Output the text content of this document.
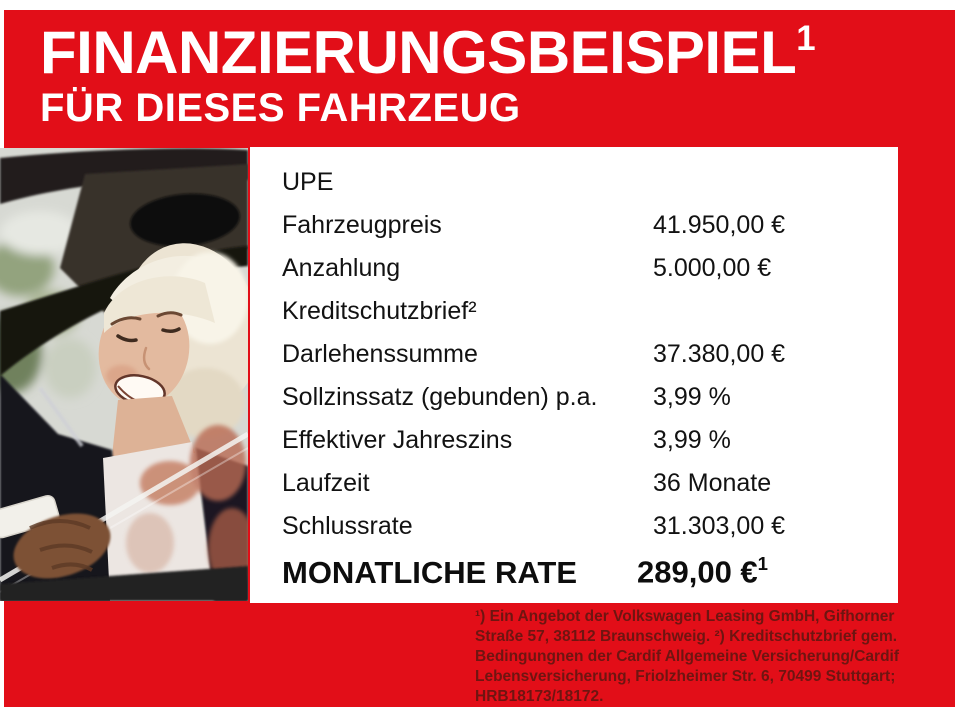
FINANZIERUNGSBEISPIEL$^1$
FÜR DIESES FAHRZEUG
UPE
Fahrzeugpreis	41.950,00 €
Anzahlung	5.000,00 €
Kreditschutzbrief²
Darlehenssumme	37.380,00 €
Sollzinssatz (gebunden) p.a.	3,99 %
Effektiver Jahreszins	3,99 %
Laufzeit	36 Monate
Schlussrate	31.303,00 €
MONATLICHE RATE	289,00 €$^1$
¹) Ein Angebot der Volkswagen Leasing GmbH, Gifhorner
Straße 57, 38112 Braunschweig. ²) Kreditschutzbrief gem.
Bedingungnen der Cardif Allgemeine Versicherung/Cardif
Lebensversicherung, Friolzheimer Str. 6, 70499 Stuttgart;
HRB18173/18172.
